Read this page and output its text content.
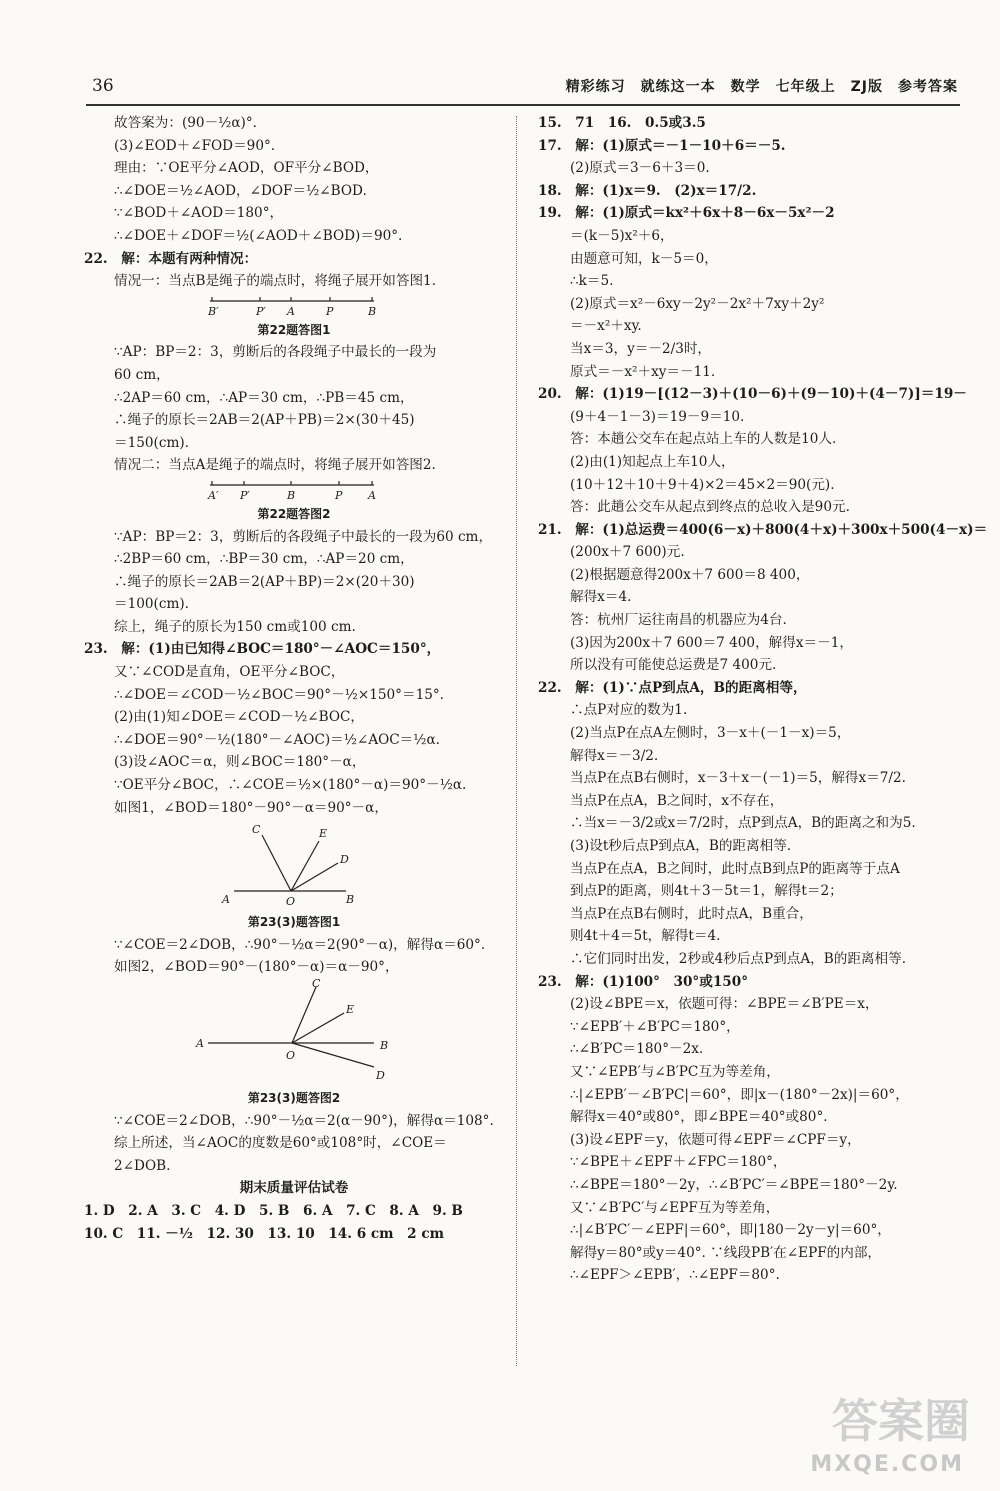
36	精彩练习　就练这一本　数学　七年级上　ZJ版　参考答案
故答案为：(90－½α)°.
(3)∠EOD＋∠FOD＝90°.
理由：∵OE平分∠AOD，OF平分∠BOD，
∴∠DOE＝½∠AOD，∠DOF＝½∠BOD.
∵∠BOD＋∠AOD＝180°，
∴∠DOE＋∠DOF＝½(∠AOD＋∠BOD)＝90°.
22.　解：本题有两种情况：
情况一：当点B是绳子的端点时，将绳子展开如答图1.
B′	P′ A	P	B
第22题答图1
∵AP：BP＝2：3，剪断后的各段绳子中最长的一段为
60 cm，
∴2AP＝60 cm，∴AP＝30 cm，∴PB＝45 cm，
∴绳子的原长＝2AB＝2(AP＋PB)＝2×(30＋45)
＝150(cm).
情况二：当点A是绳子的端点时，将绳子展开如答图2.
A′ P′	B	P A
第22题答图2
∵AP：BP＝2：3，剪断后的各段绳子中最长的一段为60 cm，
∴2BP＝60 cm，∴BP＝30 cm，∴AP＝20 cm，
∴绳子的原长＝2AB＝2(AP＋BP)＝2×(20＋30)
＝100(cm).
综上，绳子的原长为150 cm或100 cm.
23.　解：(1)由已知得∠BOC＝180°－∠AOC＝150°，
又∵∠COD是直角，OE平分∠BOC，
∴∠DOE＝∠COD－½∠BOC＝90°－½×150°＝15°.
(2)由(1)知∠DOE＝∠COD－½∠BOC，
∴∠DOE＝90°－½(180°－∠AOC)＝½∠AOC＝½α.
(3)设∠AOC＝α，则∠BOC＝180°－α，
∵OE平分∠BOC，∴∠COE＝½×(180°－α)＝90°－½α.
如图1，∠BOD＝180°－90°－α＝90°－α，
C	E
D
A	O	B
第23(3)题答图1
∵∠COE＝2∠DOB，∴90°－½α＝2(90°－α)，解得α＝60°.
如图2，∠BOD＝90°－(180°－α)＝α－90°，
C
E
A
O
B
D
第23(3)题答图2
∵∠COE＝2∠DOB，∴90°－½α＝2(α－90°)，解得α＝108°.
综上所述，当∠AOC的度数是60°或108°时，∠COE＝
2∠DOB.
期末质量评估试卷
1. D　2. A　3. C　4. D　5. B　6. A　7. C　8. A　9. B
10. C　11. －½　12. 30　13. 10　14. 6 cm　2 cm
15.　71　16.　0.5或3.5
17.　解：(1)原式＝－1－10＋6＝－5.
(2)原式＝3－6＋3＝0.
18.　解：(1)x＝9.　(2)x＝17/2.
19.　解：(1)原式＝kx²＋6x＋8－6x－5x²－2
＝(k－5)x²＋6，
由题意可知，k－5＝0，
∴k＝5.
(2)原式＝x²－6xy－2y²－2x²＋7xy＋2y²
＝－x²＋xy.
当x＝3，y＝－2/3时，
原式＝－x²＋xy＝－11.
20.　解：(1)19－[(12－3)＋(10－6)＋(9－10)＋(4－7)]＝19－
(9＋4－1－3)＝19－9＝10.
答：本趟公交车在起点站上车的人数是10人.
(2)由(1)知起点上车10人，
(10＋12＋10＋9＋4)×2＝45×2＝90(元).
答：此趟公交车从起点到终点的总收入是90元.
21.　解：(1)总运费＝400(6－x)＋800(4＋x)＋300x＋500(4－x)＝
(200x＋7 600)元.
(2)根据题意得200x＋7 600＝8 400，
解得x＝4.
答：杭州厂运往南昌的机器应为4台.
(3)因为200x＋7 600＝7 400，解得x＝－1，
所以没有可能使总运费是7 400元.
22.　解：(1)∵点P到点A，B的距离相等，
∴点P对应的数为1.
(2)当点P在点A左侧时，3－x＋(－1－x)＝5，
解得x＝－3/2.
当点P在点B右侧时，x－3＋x－(－1)＝5，解得x＝7/2.
当点P在点A，B之间时，x不存在，
∴当x＝－3/2或x＝7/2时，点P到点A，B的距离之和为5.
(3)设t秒后点P到点A，B的距离相等.
当点P在点A，B之间时，此时点B到点P的距离等于点A
到点P的距离，则4t＋3－5t＝1，解得t＝2；
当点P在点B右侧时，此时点A，B重合，
则4t＋4＝5t，解得t＝4.
∴它们同时出发，2秒或4秒后点P到点A，B的距离相等.
23.　解：(1)100°　30°或150°
(2)设∠BPE＝x，依题可得：∠BPE＝∠B′PE＝x，
∵∠EPB′＋∠B′PC＝180°，
∴∠B′PC＝180°－2x.
又∵∠EPB′与∠B′PC互为等差角，
∴|∠EPB′－∠B′PC|＝60°，即|x－(180°－2x)|＝60°，
解得x＝40°或80°，即∠BPE＝40°或80°.
(3)设∠EPF＝y，依题可得∠EPF＝∠CPF＝y，
∵∠BPE＋∠EPF＋∠FPC＝180°，
∴∠BPE＝180°－2y，∴∠B′PC′＝∠BPE＝180°－2y.
又∵∠B′PC′与∠EPF互为等差角，
∴|∠B′PC′－∠EPF|＝60°，即|180－2y－y|＝60°，
解得y＝80°或y＝40°. ∵线段PB′在∠EPF的内部，
∴∠EPF＞∠EPB′，∴∠EPF＝80°.
答案圈
MXQE.COM
